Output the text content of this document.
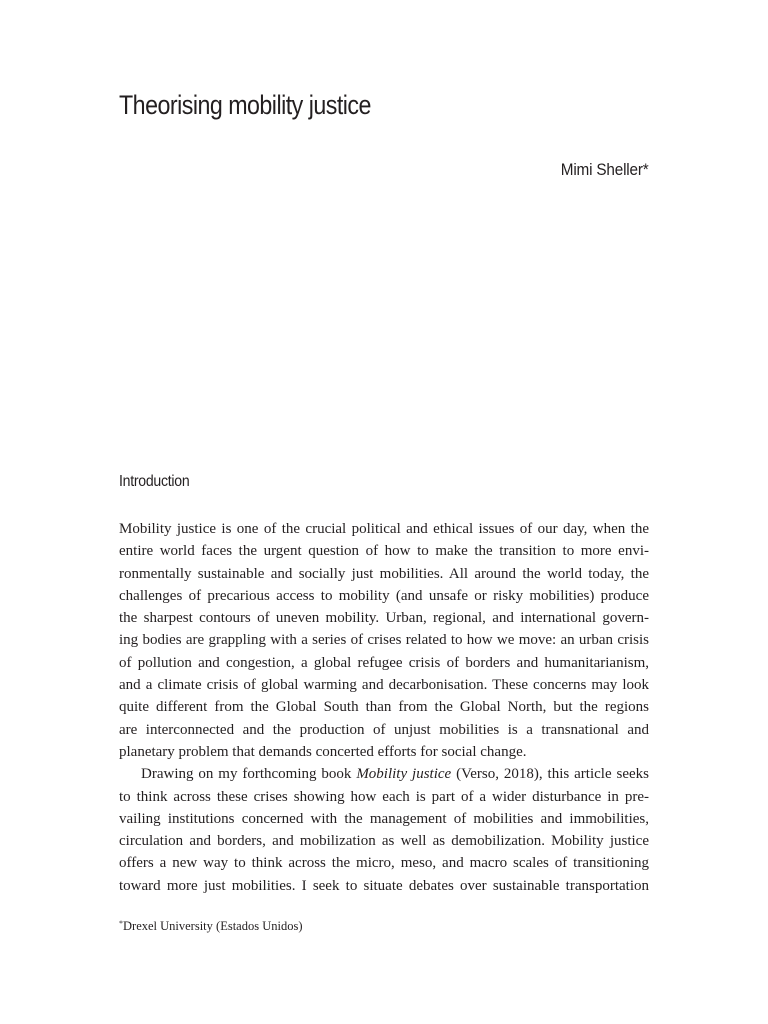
Theorising mobility justice
Mimi Sheller*
Introduction
Mobility justice is one of the crucial political and ethical issues of our day, when the
entire world faces the urgent question of how to make the transition to more envi-
ronmentally sustainable and socially just mobilities. All around the world today, the
challenges of precarious access to mobility (and unsafe or risky mobilities) produce
the sharpest contours of uneven mobility. Urban, regional, and international govern-
ing bodies are grappling with a series of crises related to how we move: an urban crisis
of pollution and congestion, a global refugee crisis of borders and humanitarianism,
and a climate crisis of global warming and decarbonisation. These concerns may look
quite different from the Global South than from the Global North, but the regions
are interconnected and the production of unjust mobilities is a transnational and
planetary problem that demands concerted efforts for social change.
Drawing on my forthcoming book Mobility justice (Verso, 2018), this article seeks
to think across these crises showing how each is part of a wider disturbance in pre-
vailing institutions concerned with the management of mobilities and immobilities,
circulation and borders, and mobilization as well as demobilization. Mobility justice
offers a new way to think across the micro, meso, and macro scales of transitioning
toward more just mobilities. I seek to situate debates over sustainable transportation
*Drexel University (Estados Unidos)
